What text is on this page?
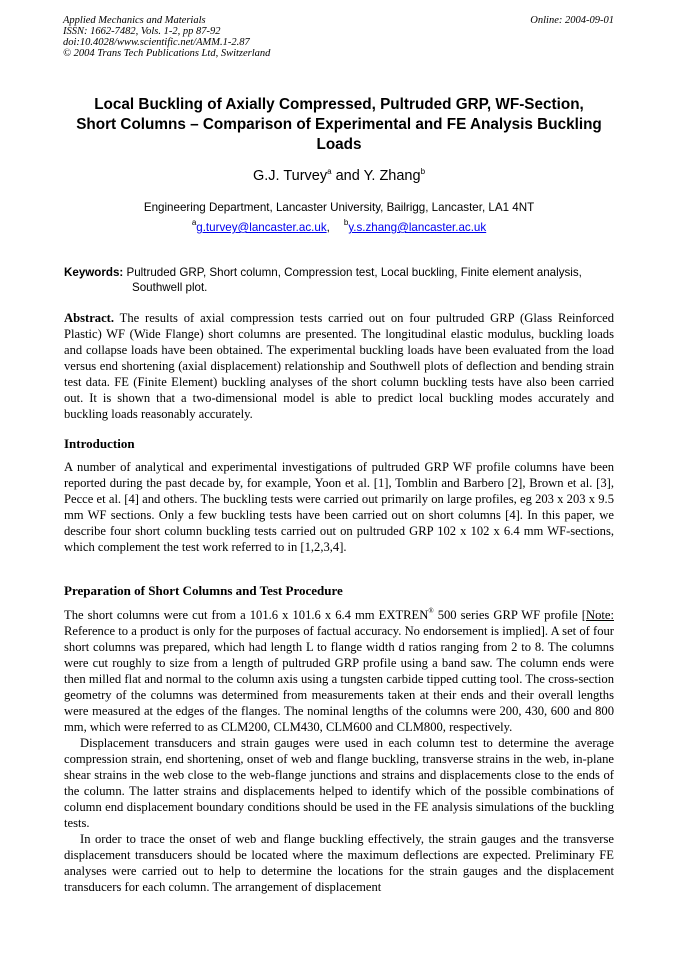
Applied Mechanics and Materials
ISSN: 1662-7482, Vols. 1-2, pp 87-92
doi:10.4028/www.scientific.net/AMM.1-2.87
© 2004 Trans Tech Publications Ltd, Switzerland
Online: 2004-09-01
Local Buckling of Axially Compressed, Pultruded GRP, WF-Section,
Short Columns – Comparison of Experimental and FE Analysis Buckling
Loads
G.J. Turvey$^a$ and Y. Zhang$^b$
Engineering Department, Lancaster University, Bailrigg, Lancaster, LA1 4NT
$^a$g.turvey@lancaster.ac.uk, $^b$y.s.zhang@lancaster.ac.uk
Keywords: Pultruded GRP, Short column, Compression test, Local buckling, Finite element analysis, Southwell plot.

Abstract. The results of axial compression tests carried out on four pultruded GRP (Glass Reinforced Plastic) WF (Wide Flange) short columns are presented. The longitudinal elastic modulus, buckling loads and collapse loads have been obtained. The experimental buckling loads have been evaluated from the load versus end shortening (axial displacement) relationship and Southwell plots of deflection and bending strain test data. FE (Finite Element) buckling analyses of the short column buckling tests have also been carried out. It is shown that a two-dimensional model is able to predict local buckling modes accurately and buckling loads reasonably accurately.

Introduction

A number of analytical and experimental investigations of pultruded GRP WF profile columns have been reported during the past decade by, for example, Yoon et al. [1], Tomblin and Barbero [2], Brown et al. [3], Pecce et al. [4] and others. The buckling tests were carried out primarily on large profiles, eg 203 x 203 x 9.5 mm WF sections. Only a few buckling tests have been carried out on short columns [4]. In this paper, we describe four short column buckling tests carried out on pultruded GRP 102 x 102 x 6.4 mm WF-sections, which complement the test work referred to in [1,2,3,4].

Preparation of Short Columns and Test Procedure

The short columns were cut from a 101.6 x 101.6 x 6.4 mm EXTREN® 500 series GRP WF profile [Note: Reference to a product is only for the purposes of factual accuracy. No endorsement is implied]. A set of four short columns was prepared, which had length L to flange width d ratios ranging from 2 to 8. The columns were cut roughly to size from a length of pultruded GRP profile using a band saw. The column ends were then milled flat and normal to the column axis using a tungsten carbide tipped cutting tool. The cross-section geometry of the columns was determined from measurements taken at their ends and their overall lengths were measured at the edges of the flanges. The nominal lengths of the columns were 200, 430, 600 and 800 mm, which were referred to as CLM200, CLM430, CLM600 and CLM800, respectively.

Displacement transducers and strain gauges were used in each column test to determine the average compression strain, end shortening, onset of web and flange buckling, transverse strains in the web, in-plane shear strains in the web close to the web-flange junctions and strains and displacements close to the ends of the column. The latter strains and displacements helped to identify which of the possible combinations of column end displacement boundary conditions should be used in the FE analysis simulations of the buckling tests.

In order to trace the onset of web and flange buckling effectively, the strain gauges and the transverse displacement transducers should be located where the maximum deflections are expected. Preliminary FE analyses were carried out to help to determine the locations for the strain gauges and the displacement transducers for each column. The arrangement of displacement
